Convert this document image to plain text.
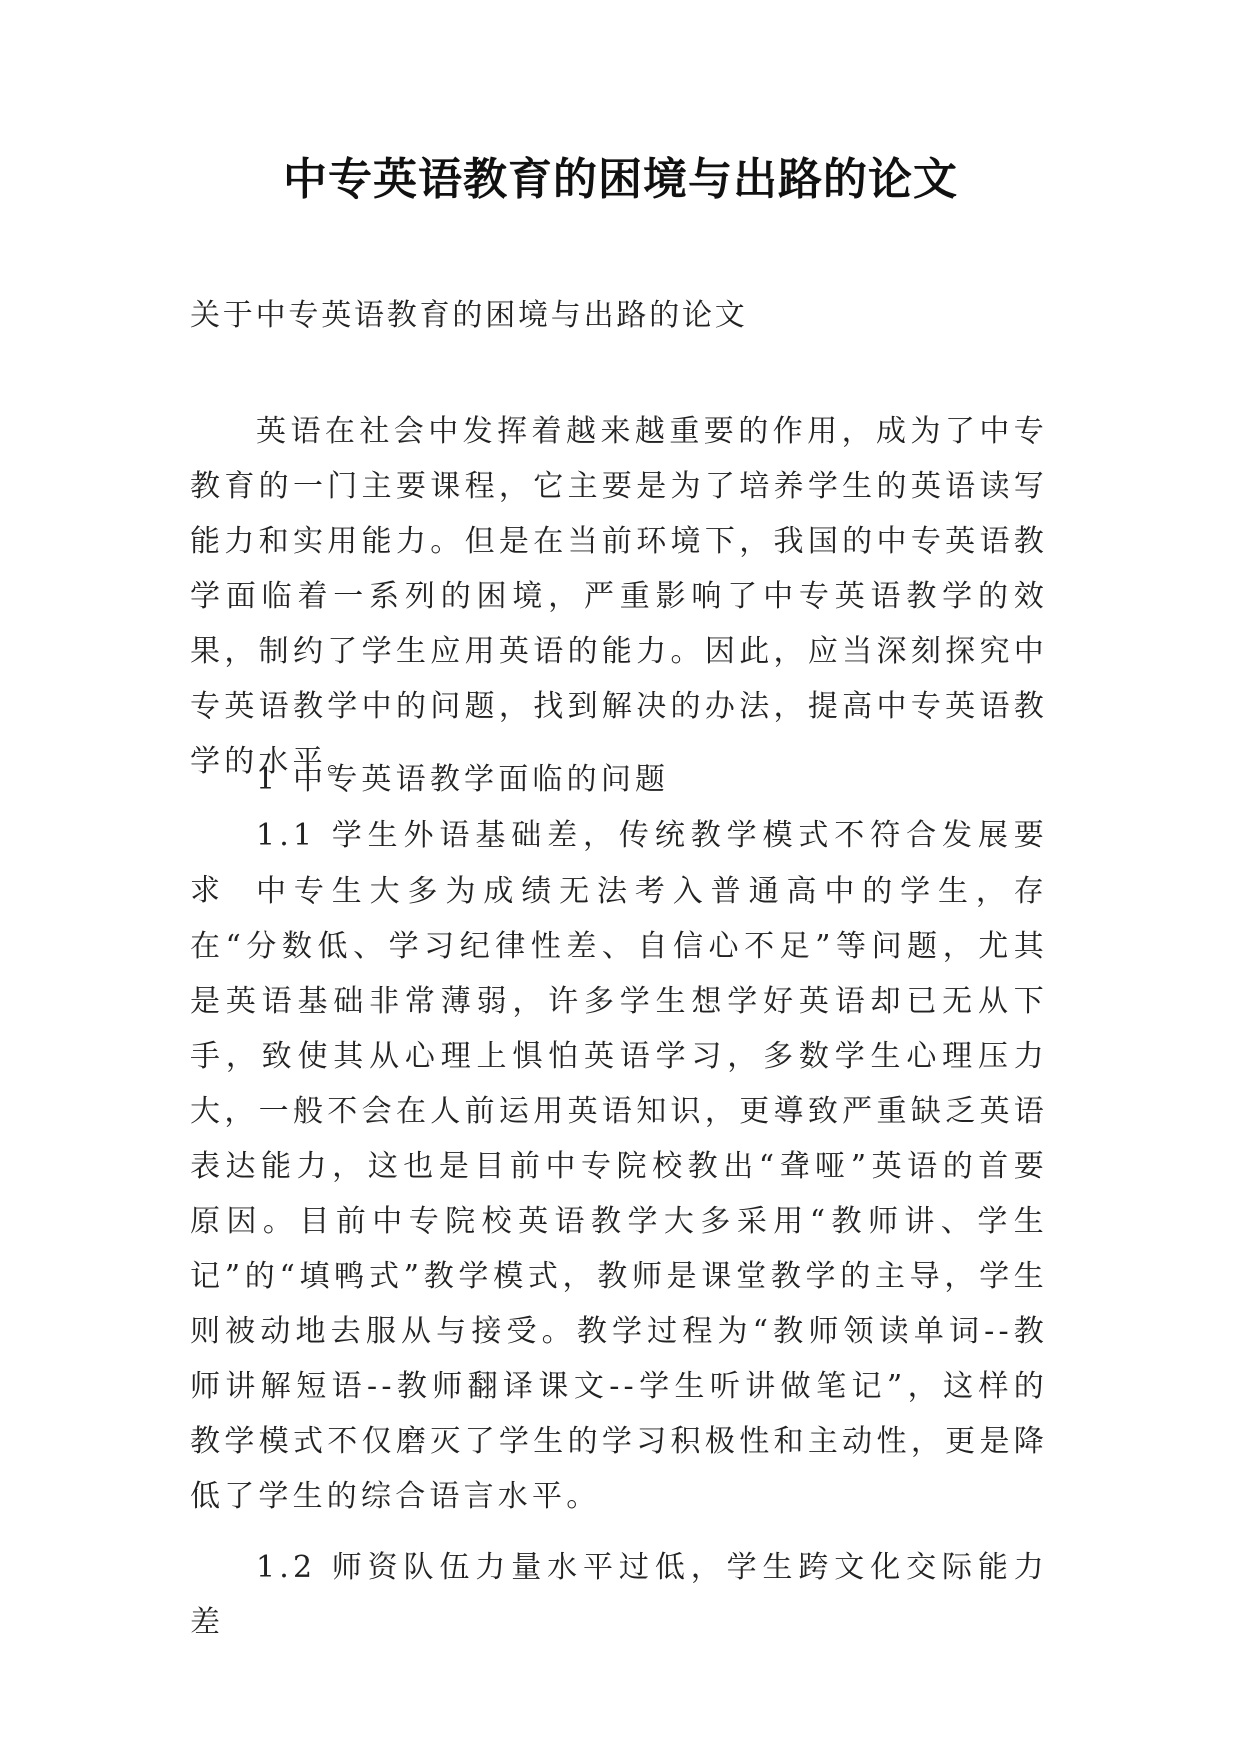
中专英语教育的困境与出路的论文

关于中专英语教育的困境与出路的论文

英语在社会中发挥着越来越重要的作用，成为了中专教育的一门主要课程，它主要是为了培养学生的英语读写能力和实用能力。但是在当前环境下，我国的中专英语教学面临着一系列的困境，严重影响了中专英语教学的效果，制约了学生应用英语的能力。因此，应当深刻探究中专英语教学中的问题，找到解决的办法，提高中专英语教学的水平。

1 中专英语教学面临的问题

1.1 学生外语基础差，传统教学模式不符合发展要求	中专生大多为成绩无法考入普通高中的学生，存在“分数低、学习纪律性差、自信心不足”等问题，尤其是英语基础非常薄弱，许多学生想学好英语却已无从下手，致使其从心理上惧怕英语学习，多数学生心理压力大，一般不会在人前运用英语知识，更導致严重缺乏英语表达能力，这也是目前中专院校教出“聋哑”英语的首要原因。目前中专院校英语教学大多采用“教师讲、学生记”的“填鸭式”教学模式，教师是课堂教学的主导，学生则被动地去服从与接受。教学过程为“教师领读单词--教师讲解短语--教师翻译课文--学生听讲做笔记”，这样的教学模式不仅磨灭了学生的学习积极性和主动性，更是降低了学生的综合语言水平。

1.2 师资队伍力量水平过低，学生跨文化交际能力差
